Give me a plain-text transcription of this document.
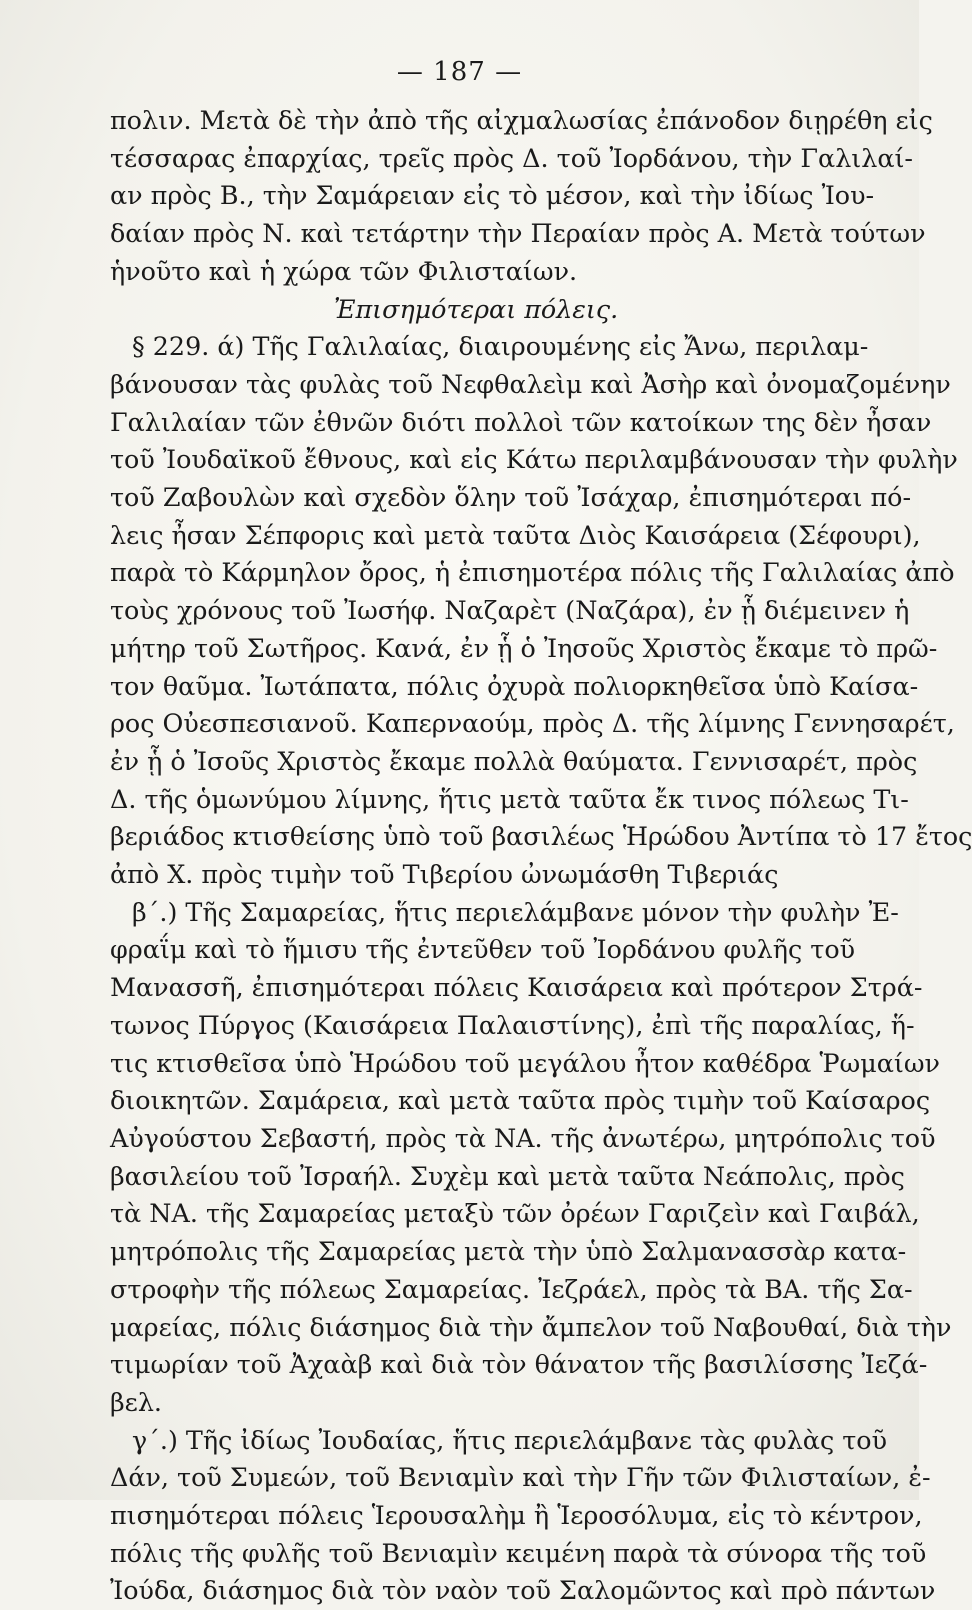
— 187 —
πολιν. Μετὰ δὲ τὴν ἀπὸ τῆς αἰχμαλωσίας ἐπάνοδον διῃρέθη εἰς
τέσσαρας ἐπαρχίας, τρεῖς πρὸς Δ. τοῦ Ἰορδάνου, τὴν Γαλιλαί-
αν πρὸς Β., τὴν Σαμάρειαν εἰς τὸ μέσον, καὶ τὴν ἰδίως Ἰου-
δαίαν πρὸς Ν. καὶ τετάρτην τὴν Περαίαν πρὸς Α. Μετὰ τούτων
ἡνοῦτο καὶ ἡ χώρα τῶν Φιλισταίων.
Ἐπισημότεραι πόλεις.
§ 229. ά) Τῆς Γαλιλαίας, διαιρουμένης εἰς Ἄνω, περιλαμ-
βάνουσαν τὰς φυλὰς τοῦ Νεφθαλεὶμ καὶ Ἀσὴρ καὶ ὀνομαζομένην
Γαλιλαίαν τῶν ἐθνῶν διότι πολλοὶ τῶν κατοίκων της δὲν ἦσαν
τοῦ Ἰουδαϊκοῦ ἔθνους, καὶ εἰς Κάτω περιλαμβάνουσαν τὴν φυλὴν
τοῦ Ζαβουλὼν καὶ σχεδὸν ὅλην τοῦ Ἰσάχαρ, ἐπισημότεραι πό-
λεις ἦσαν Σέπφορις καὶ μετὰ ταῦτα Διὸς Καισάρεια (Σέφουρι),
παρὰ τὸ Κάρμηλον ὄρος, ἡ ἐπισημοτέρα πόλις τῆς Γαλιλαίας ἀπὸ
τοὺς χρόνους τοῦ Ἰωσήφ. Ναζαρὲτ (Ναζάρα), ἐν ᾗ διέμεινεν ἡ
μήτηρ τοῦ Σωτῆρος. Κανά, ἐν ᾗ ὁ Ἰησοῦς Χριστὸς ἔκαμε τὸ πρῶ-
τον θαῦμα. Ἰωτάπατα, πόλις ὀχυρὰ πολιορκηθεῖσα ὑπὸ Καίσα-
ρος Οὐεσπεσιανοῦ. Καπερναούμ, πρὸς Δ. τῆς λίμνης Γεννησαρέτ,
ἐν ᾗ ὁ Ἰσοῦς Χριστὸς ἔκαμε πολλὰ θαύματα. Γεννισαρέτ, πρὸς
Δ. τῆς ὁμωνύμου λίμνης, ἥτις μετὰ ταῦτα ἔκ τινος πόλεως Τι-
βεριάδος κτισθείσης ὑπὸ τοῦ βασιλέως Ἡρώδου Ἀντίπα τὸ 17 ἔτος
ἀπὸ Χ. πρὸς τιμὴν τοῦ Τιβερίου ὠνωμάσθη Τιβεριάς
β΄.) Τῆς Σαμαρείας, ἥτις περιελάμβανε μόνον τὴν φυλὴν Ἐ-
φραΐμ καὶ τὸ ἥμισυ τῆς ἐντεῦθεν τοῦ Ἰορδάνου φυλῆς τοῦ
Μανασσῆ, ἐπισημότεραι πόλεις Καισάρεια καὶ πρότερον Στρά-
τωνος Πύργος (Καισάρεια Παλαιστίνης), ἐπὶ τῆς παραλίας, ἥ-
τις κτισθεῖσα ὑπὸ Ἡρώδου τοῦ μεγάλου ἦτον καθέδρα Ῥωμαίων
διοικητῶν. Σαμάρεια, καὶ μετὰ ταῦτα πρὸς τιμὴν τοῦ Καίσαρος
Αὐγούστου Σεβαστή, πρὸς τὰ ΝΑ. τῆς ἀνωτέρω, μητρόπολις τοῦ
βασιλείου τοῦ Ἰσραήλ. Συχὲμ καὶ μετὰ ταῦτα Νεάπολις, πρὸς
τὰ ΝΑ. τῆς Σαμαρείας μεταξὺ τῶν ὀρέων Γαριζεὶν καὶ Γαιβάλ,
μητρόπολις τῆς Σαμαρείας μετὰ τὴν ὑπὸ Σαλμανασσὰρ κατα-
στροφὴν τῆς πόλεως Σαμαρείας. Ἰεζράελ, πρὸς τὰ ΒΑ. τῆς Σα-
μαρείας, πόλις διάσημος διὰ τὴν ἄμπελον τοῦ Ναβουθαί, διὰ τὴν
τιμωρίαν τοῦ Ἀχαὰβ καὶ διὰ τὸν θάνατον τῆς βασιλίσσης Ἰεζά-
βελ.
γ΄.) Τῆς ἰδίως Ἰουδαίας, ἥτις περιελάμβανε τὰς φυλὰς τοῦ
Δάν, τοῦ Συμεών, τοῦ Βενιαμὶν καὶ τὴν Γῆν τῶν Φιλισταίων, ἐ-
πισημότεραι πόλεις Ἱερουσαλὴμ ἢ Ἱεροσόλυμα, εἰς τὸ κέντρον,
πόλις τῆς φυλῆς τοῦ Βενιαμὶν κειμένη παρὰ τὰ σύνορα τῆς τοῦ
Ἰούδα, διάσημος διὰ τὸν ναὸν τοῦ Σαλομῶντος καὶ πρὸ πάντων
